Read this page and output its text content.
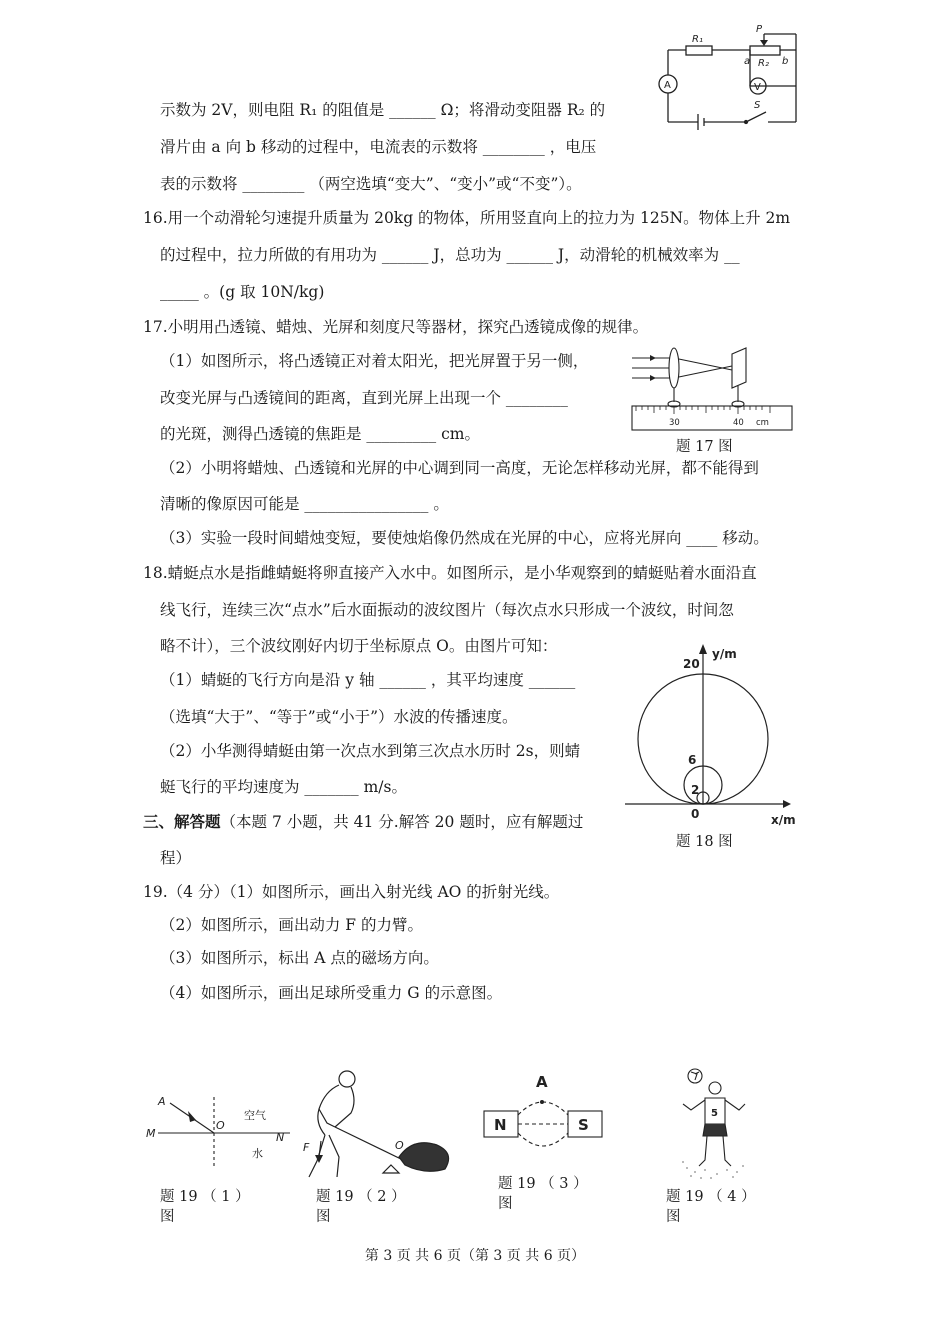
A	V
R₁
R₂
P
a	b
S
示数为 2V，则电阻 R₁ 的阻值是 ______ Ω；将滑动变阻器 R₂ 的
滑片由 a 向 b 移动的过程中，电流表的示数将 ________ ，电压
表的示数将 ________ （两空选填“变大”、“变小”或“不变”）。
16.用一个动滑轮匀速提升质量为 20kg 的物体，所用竖直向上的拉力为 125N。物体上升 2m
的过程中，拉力所做的有用功为 ______ J，总功为 ______ J，动滑轮的机械效率为 __
_____ 。(g 取 10N/kg)
17.小明用凸透镜、蜡烛、光屏和刻度尺等器材，探究凸透镜成像的规律。
（1）如图所示，将凸透镜正对着太阳光，把光屏置于另一侧，
改变光屏与凸透镜间的距离，直到光屏上出现一个 ________
的光斑，测得凸透镜的焦距是 _________ cm。
30	40 cm
题 17 图
（2）小明将蜡烛、凸透镜和光屏的中心调到同一高度，无论怎样移动光屏，都不能得到
清晰的像原因可能是 ________________ 。
（3）实验一段时间蜡烛变短，要使烛焰像仍然成在光屏的中心，应将光屏向 ____ 移动。
18.蜻蜓点水是指雌蜻蜓将卵直接产入水中。如图所示，是小华观察到的蜻蜓贴着水面沿直
线飞行，连续三次“点水”后水面振动的波纹图片（每次点水只形成一个波纹，时间忽
略不计），三个波纹刚好内切于坐标原点 O。由图片可知：
（1）蜻蜓的飞行方向是沿 y 轴 ______ ，其平均速度 ______
（选填“大于”、“等于”或“小于”）水波的传播速度。
（2）小华测得蜻蜓由第一次点水到第三次点水历时 2s，则蜻
蜓飞行的平均速度为 _______ m/s。
y/m
20
6
2
0	x/m
题 18 图
三、解答题（本题 7 小题，共 41 分.解答 20 题时，应有解题过
程）
19.（4 分）（1）如图所示，画出入射光线 AO 的折射光线。
（2）如图所示，画出动力 F 的力臂。
（3）如图所示，标出 A 点的磁场方向。
（4）如图所示，画出足球所受重力 G 的示意图。
A
M
O
N
空气
水
题 19 （ 1 ）
图
F	O
题 19 （ 2 ）
图
A
N	S
题 19 （ 3 ）
图
5
题 19 （ 4 ）
图
第 3 页 共 6 页（第 3 页 共 6 页）
